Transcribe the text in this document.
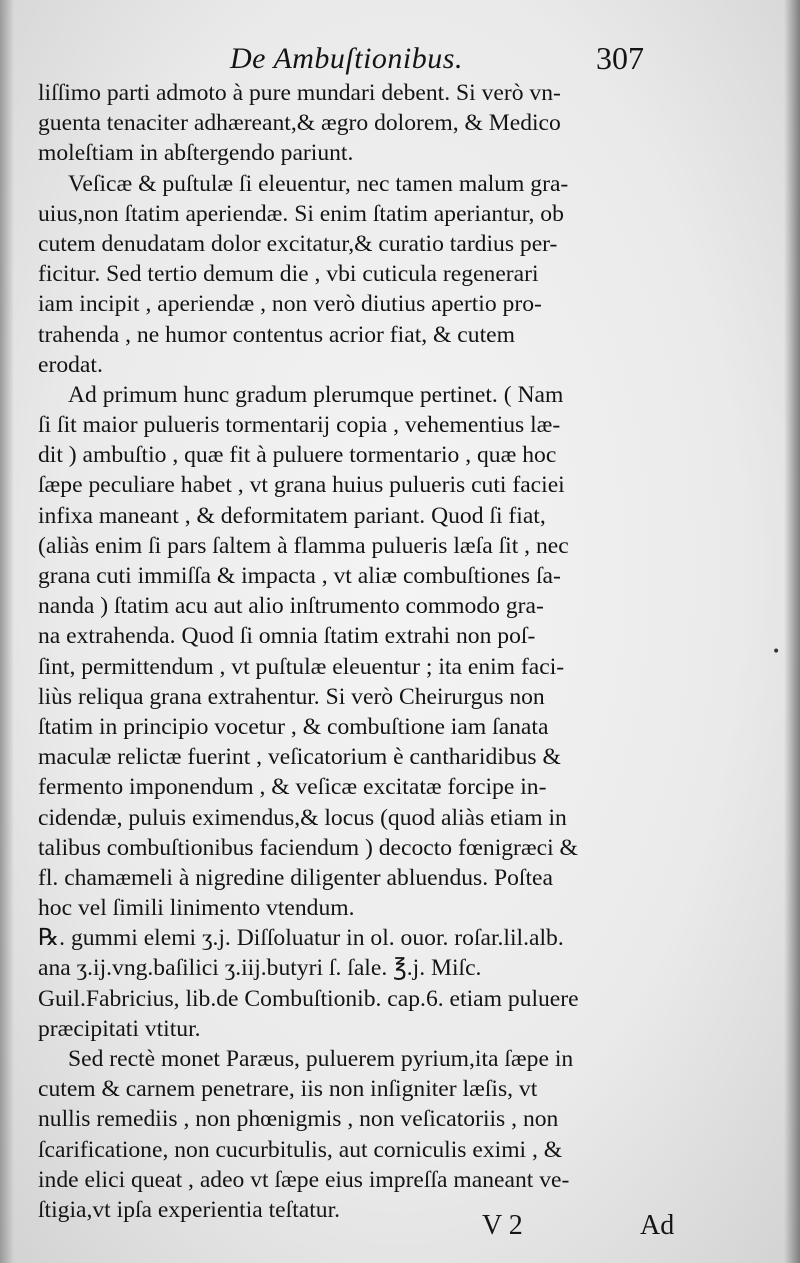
De Ambuſtionibus.	307
liſſimo parti admoto à pure mundari debent. Si verò vn-
guenta tenaciter adhæreant,& ægro dolorem, & Medico
moleſtiam in abſtergendo pariunt.
Veſicæ & puſtulæ ſi eleuentur, nec tamen malum gra-
uius,non ſtatim aperiendæ. Si enim ſtatim aperiantur, ob
cutem denudatam dolor excitatur,& curatio tardius per-
ficitur. Sed tertio demum die , vbi cuticula regenerari
iam incipit , aperiendæ , non verò diutius apertio pro-
trahenda , ne humor contentus acrior fiat, & cutem
erodat.
Ad primum hunc gradum plerumque pertinet. ( Nam
ſi ſit maior pulueris tormentarij copia , vehementius læ-
dit ) ambuſtio , quæ fit à puluere tormentario , quæ hoc
ſæpe peculiare habet , vt grana huius pulueris cuti faciei
infixa maneant , & deformitatem pariant. Quod ſi fiat,
(aliàs enim ſi pars ſaltem à flamma pulueris læſa ſit , nec
grana cuti immiſſa & impacta , vt aliæ combuſtiones ſa-
nanda ) ſtatim acu aut alio inſtrumento commodo gra-
na extrahenda. Quod ſi omnia ſtatim extrahi non poſ-
ſint, permittendum , vt puſtulæ eleuentur ; ita enim faci-
liùs reliqua grana extrahentur. Si verò Cheirurgus non
ſtatim in principio vocetur , & combuſtione iam ſanata
maculæ relictæ fuerint , veſicatorium è cantharidibus &
fermento imponendum , & veſicæ excitatæ forcipe in-
cidendæ, puluis eximendus,& locus (quod aliàs etiam in
talibus combuſtionibus faciendum ) decocto fœnigræci &
fl. chamæmeli à nigredine diligenter abluendus. Poſtea
hoc vel ſimili linimento vtendum.
℞. gummi elemi ʒ.j. Diſſoluatur in ol. ouor. roſar.lil.alb.
ana ʒ.ij.vng.baſilici ʒ.iij.butyri ſ. ſale. ℥.j. Miſc.
Guil.Fabricius, lib.de Combuſtionib. cap.6. etiam puluere
præcipitati vtitur.
Sed rectè monet Paræus, puluerem pyrium,ita ſæpe in
cutem & carnem penetrare, iis non inſigniter læſis, vt
nullis remediis , non phœnigmis , non veſicatoriis , non
ſcarificatione, non cucurbitulis, aut corniculis eximi , &
inde elici queat , adeo vt ſæpe eius impreſſa maneant ve-
ſtigia,vt ipſa experientia teſtatur.
•
V 2	Ad
